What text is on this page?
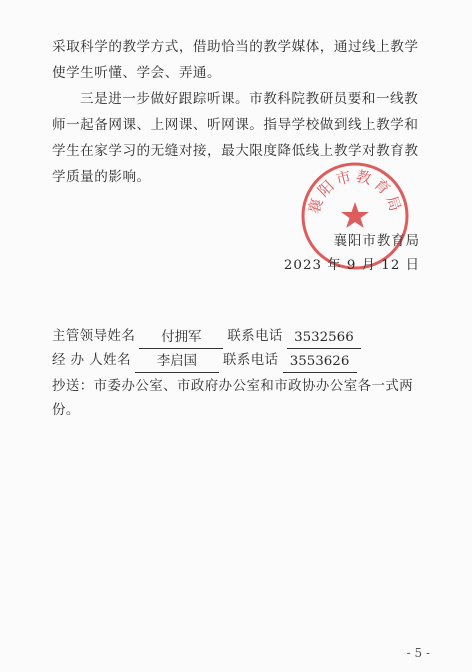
采取科学的教学方式，借助恰当的教学媒体，通过线上教学使学生听懂、学会、弄通。

三是进一步做好跟踪听课。市教科院教研员要和一线教师一起备网课、上网课、听网课。指导学校做到线上教学和学生在家学习的无缝对接，最大限度降低线上教学对教育教学质量的影响。

襄阳市教育局
襄阳市教育局
2023 年 9 月 12 日
主管领导姓名	付拥军	联系电话 3532566
经 办 人姓名	李启国	联系电话 3553626
抄送：市委办公室、市政府办公室和市政协办公室各一式两份。
- 5 -
